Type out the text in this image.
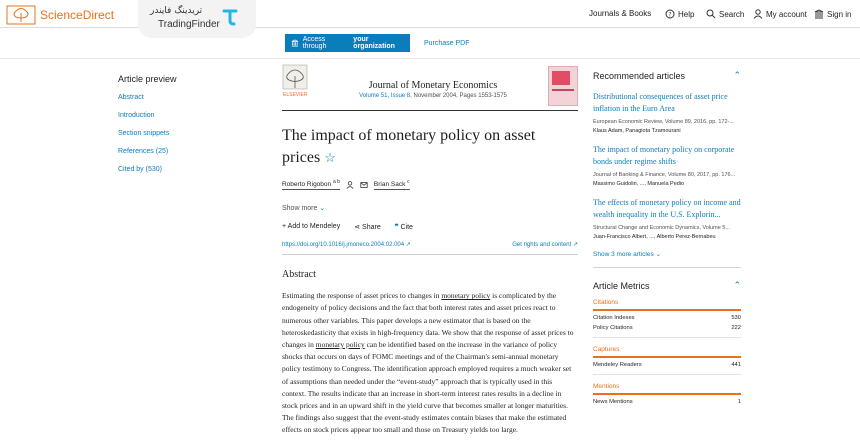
ScienceDirect	تریدینگ فایندر
TradingFinder
Journals & Books	? Help	Search	My account	Sign in
Access through
your organization	Purchase PDF
Article preview
Abstract
Introduction
Section snippets
References (25)
Cited by (530)
ELSEVIER
Journal of Monetary Economics
Volume 51, Issue 8, November 2004, Pages 1553-1575
The impact of monetary policy on asset prices ☆
Roberto Rigobon $^{a b}$	Brian Sack $^c$
Show more ⌄
+ Add to Mendeley ⋖ Share ❞ Cite
https://doi.org/10.1016/j.jmoneco.2004.02.004 ↗	Get rights and content ↗
Abstract
Estimating the response of asset prices to changes in monetary policy is complicated by the endogeneity of policy decisions and the fact that both interest rates and asset prices react to numerous other variables. This paper develops a new estimator that is based on the heteroskedasticity that exists in high-frequency data. We show that the response of asset prices to changes in monetary policy can be identified based on the increase in the variance of policy shocks that occurs on days of FOMC meetings and of the Chairman's semi-annual monetary policy testimony to Congress. The identification approach employed requires a much weaker set of assumptions than needed under the “event-study” approach that is typically used in this context. The results indicate that an increase in short-term interest rates results in a decline in stock prices and in an upward shift in the yield curve that becomes smaller at longer maturities. The findings also suggest that the event-study estimates contain biases that make the estimated effects on stock prices appear too small and those on Treasury yields too large.
Recommended articles	⌃
Distributional consequences of asset price inflation in the Euro Area
European Economic Review, Volume 89, 2016, pp. 172-...
Klaus Adam, Panagiota Tzamourani
The impact of monetary policy on corporate bonds under regime shifts
Journal of Banking & Finance, Volume 80, 2017, pp. 176...
Massimo Guidolin, ..., Manuela Pedio
The effects of monetary policy on income and wealth inequality in the U.S. Explorin...
Structural Change and Economic Dynamics, Volume 5...
Juan-Francisco Albert, ..., Alberto Perez-Bernabeu
Show 3 more articles ⌄
Article Metrics	⌃
Citations
Citation Indexes	530
Policy Citations	222
Captures
Mendeley Readers	441
Mentions
News Mentions	1
